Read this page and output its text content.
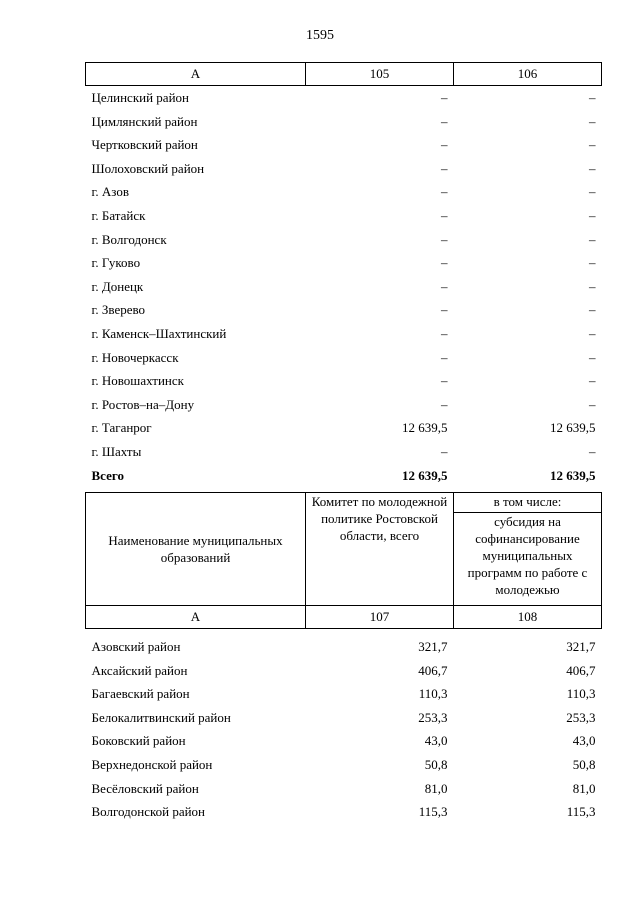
1595
А	105	106
Целинский район	–	–
Цимлянский район	–	–
Чертковский район	–	–
Шолоховский район	–	–
г. Азов	–	–
г. Батайск	–	–
г. Волгодонск	–	–
г. Гуково	–	–
г. Донецк	–	–
г. Зверево	–	–
г. Каменск–Шахтинский	–	–
г. Новочеркасск	–	–
г. Новошахтинск	–	–
г. Ростов–на–Дону	–	–
г. Таганрог	12 639,5	12 639,5
г. Шахты	–	–
Всего	12 639,5	12 639,5
Наименование муниципальных образований	Комитет по молодежной политике Ростовской области, всего	в том числе:
		субсидия на софинансирование муниципальных программ по работе с молодежью
А	107	108

Азовский район	321,7	321,7
Аксайский район	406,7	406,7
Багаевский район	110,3	110,3
Белокалитвинский район	253,3	253,3
Боковский район	43,0	43,0
Верхнедонской район	50,8	50,8
Весёловский район	81,0	81,0
Волгодонской район	115,3	115,3
